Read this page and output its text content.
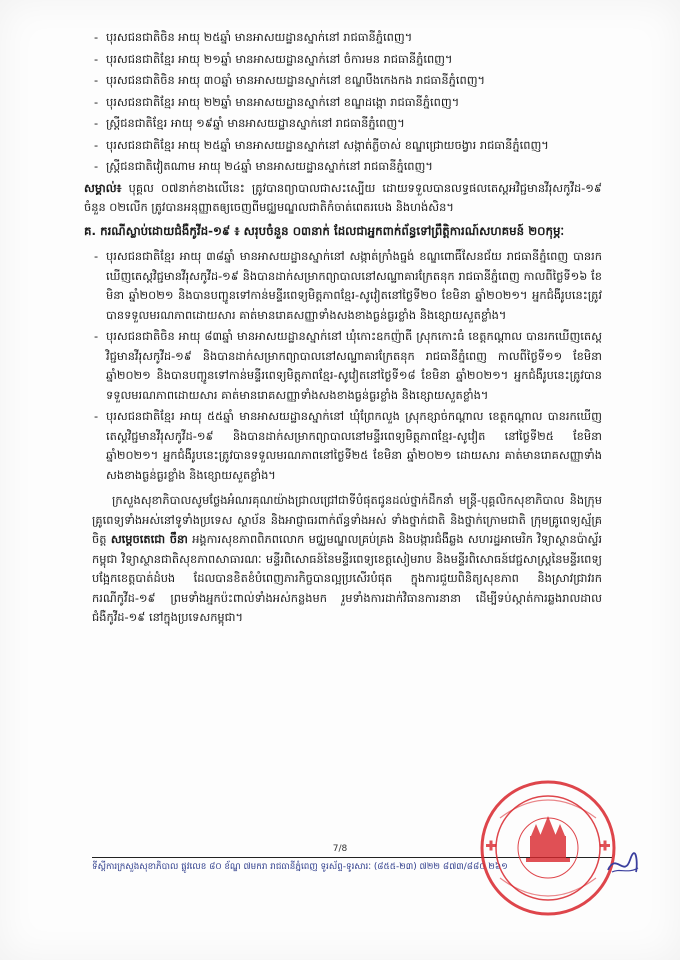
- បុរសជនជាតិចិន អាយុ ២៥ឆ្នាំ មានអាសយដ្ឋានស្នាក់នៅ រាជធានីភ្នំពេញ។
- បុរសជនជាតិខ្មែរ អាយុ ២១ឆ្នាំ មានអាសយដ្ឋានស្នាក់នៅ ចំការមន រាជធានីភ្នំពេញ។
- បុរសជនជាតិចិន អាយុ ៣០ឆ្នាំ មានអាសយដ្ឋានស្នាក់នៅ ខណ្ឌបឹងកេងកង រាជធានីភ្នំពេញ។
- បុរសជនជាតិខ្មែរ អាយុ ២២ឆ្នាំ មានអាសយដ្ឋានស្នាក់នៅ ខណ្ឌដង្កោ រាជធានីភ្នំពេញ។
- ស្ត្រីជនជាតិខ្មែរ អាយុ ១៩ឆ្នាំ មានអាសយដ្ឋានស្នាក់នៅ រាជធានីភ្នំពេញ។
- បុរសជនជាតិខ្មែរ អាយុ ២៥ឆ្នាំ មានអាសយដ្ឋានស្នាក់នៅ សង្កាត់ភ្លីចាស់ ខណ្ឌជ្រោយចង្វារ រាជធានីភ្នំពេញ។
- ស្ត្រីជនជាតិវៀតណាម អាយុ ២៤ឆ្នាំ មានអាសយដ្ឋានស្នាក់នៅ រាជធានីភ្នំពេញ។

សម្គាល់៖ បុគ្គល ០៧នាក់ខាងលើនេះ ត្រូវបានព្យាបាលជាសះស្បើយ ដោយទទួលបានលទ្ធផលតេស្តអវិជ្ជមានវីរុសកូវីដ-១៩ ចំនួន ០២លើក ត្រូវបានអនុញ្ញាតឲ្យចេញពីមជ្ឈមណ្ឌលជាតិកំចាត់ពេតរបេង និងហង់សិន។

គ. ករណីស្លាប់ដោយជំងឺកូវីដ-១៩ ៖ សរុបចំនួន ០៣នាក់ ដែលជាអ្នកពាក់ព័ន្ធទៅព្រឹត្តិការណ៍សហគមន៍ ២០កុម្ភៈ
- បុរសជនជាតិខ្មែរ អាយុ ៣៨ឆ្នាំ មានអាសយដ្ឋានស្នាក់នៅ សង្កាត់ក្រាំងធ្នង់ ខណ្ឌពោធិ៍សែនជ័យ រាជធានីភ្នំពេញ បានរកឃើញតេស្តវិជ្ជមានវីរុសកូវីដ-១៩ និងបានដាក់សម្រាកព្យាបាលនៅសណ្ឋាគារក្រែតនុក រាជធានីភ្នំពេញ កាលពីថ្ងៃទី១៦ ខែមិនា ឆ្នាំ២០២១ និងបានបញ្ជូនទៅកាន់មន្ទីរពេទ្យមិត្តភាពខ្មែរ-សូវៀតនៅថ្ងៃទី២០ ខែមិនា ឆ្នាំ២០២១។ អ្នកជំងឺរូបនេះត្រូវបានទទួលមរណភាពដោយសារ គាត់មានរោគសញ្ញាទាំងសងខាងធ្ងន់ធ្ងរខ្លាំង និងខ្សោយសួតខ្លាំង។
- បុរសជនជាតិចិន អាយុ ៨៣ឆ្នាំ មានអាសយដ្ឋានស្នាក់នៅ ឃុំកោះ​ឧកញ៉ាតី ស្រុកកោះធំ ខេត្តកណ្តាល បានរកឃើញតេស្តវិជ្ជមានវីរុសកូវីដ-១៩ និងបានដាក់សម្រាកព្យាបាលនៅសណ្ឋាគារក្រែតនុក រាជធានីភ្នំពេញ កាលពីថ្ងៃទី១១ ខែមិនា ឆ្នាំ២០២១ និងបានបញ្ជូនទៅកាន់មន្ទីរពេទ្យមិត្តភាពខ្មែរ-សូវៀតនៅថ្ងៃទី១៨ ខែមិនា ឆ្នាំ២០២១។ អ្នកជំងឺរូបនេះត្រូវបានទទួលមរណភាពដោយសារ គាត់មានរោគសញ្ញាទាំងសងខាងធ្ងន់ធ្ងរខ្លាំង និងខ្សោយសួតខ្លាំង។
- បុរសជនជាតិខ្មែរ អាយុ ៥៥ឆ្នាំ មានអាសយដ្ឋានស្នាក់នៅ ឃុំព្រែកលួង ស្រុកខ្សាច់កណ្តាល ខេត្តកណ្តាល បានរកឃើញតេស្តវិជ្ជមានវីរុសកូវីដ-១៩ និងបានដាក់សម្រាកព្យាបាលនៅមន្ទីរពេទ្យមិត្តភាពខ្មែរ-សូវៀត នៅថ្ងៃទី២៥ ខែមិនា ឆ្នាំ២០២១។ អ្នកជំងឺរូបនេះត្រូវបានទទួលមរណភាពនៅថ្ងៃទី២៥ ខែមិនា ឆ្នាំ២០២១ ដោយសារ គាត់មានរោគសញ្ញាទាំងសងខាងធ្ងន់ធ្ងរខ្លាំង និងខ្សោយសួតខ្លាំង។

ក្រសួងសុខាភិបាលសូមថ្លែងអំណរគុណយ៉ាងជ្រាលជ្រៅជាទីបំផុតជូនដល់ថ្នាក់ដឹកនាំ មន្ត្រី-បុគ្គលិកសុខាភិបាល និងក្រុមគ្រូពេទ្យទាំងអស់នៅទូទាំងប្រទេស ស្ថាប័ន និងអាជ្ញាធរពាក់ព័ន្ធទាំងអស់ ទាំងថ្នាក់ជាតិ និងថ្នាក់ក្រោមជាតិ ក្រុមគ្រូពេទ្យស្ម័គ្រចិត្ត សម្តេចតេជោ ចឹនា អង្គការសុខភាពពិភពលោក មជ្ឈមណ្ឌលគ្រប់គ្រង និងបង្ការជំងឺឆ្លង សហរដ្ឋអាមេរិក វិទ្យាស្ថានប៉ាស្ទ័រកម្ពុជា វិទ្យាស្ថានជាតិសុខភាពសាធារណៈ មន្ទីរពិសោធន៍នៃមន្ទីរពេទ្យខេត្តសៀមរាប និងមន្ទីរពិសោធន៍វេជ្ជសាស្ត្រនៃមន្ទីរពេទ្យបង្អែកខេត្តបាត់ដំបង ដែលបានខិតខំបំពេញភារកិច្ចបានល្អប្រសើរបំផុត ក្នុងការជួយពិនិត្យសុខភាព និងស្រាវជ្រាវរកករណីកូវីដ-១៩ ព្រមទាំងអ្នកប៉ះពាល់ទាំងអស់កន្លងមក រួមទាំងការដាក់វិធានការនានា ដើម្បីទប់ស្កាត់ការឆ្លងរាលដាលជំងឺកូវីដ-១៩ នៅក្នុងប្រទេសកម្ពុជា។

7/8
ទីស្តីការក្រសួងសុខាភិបាល ផ្លូវលេខ ៨០ ខ័ណ្ឌ ៧មករា រាជធានីភ្នំពេញ ទូរស័ព្ទ-ទូរសារៈ (៨៥៥-២៣) ៧២២ ៨៧៣/៨៨០ ២៦១
